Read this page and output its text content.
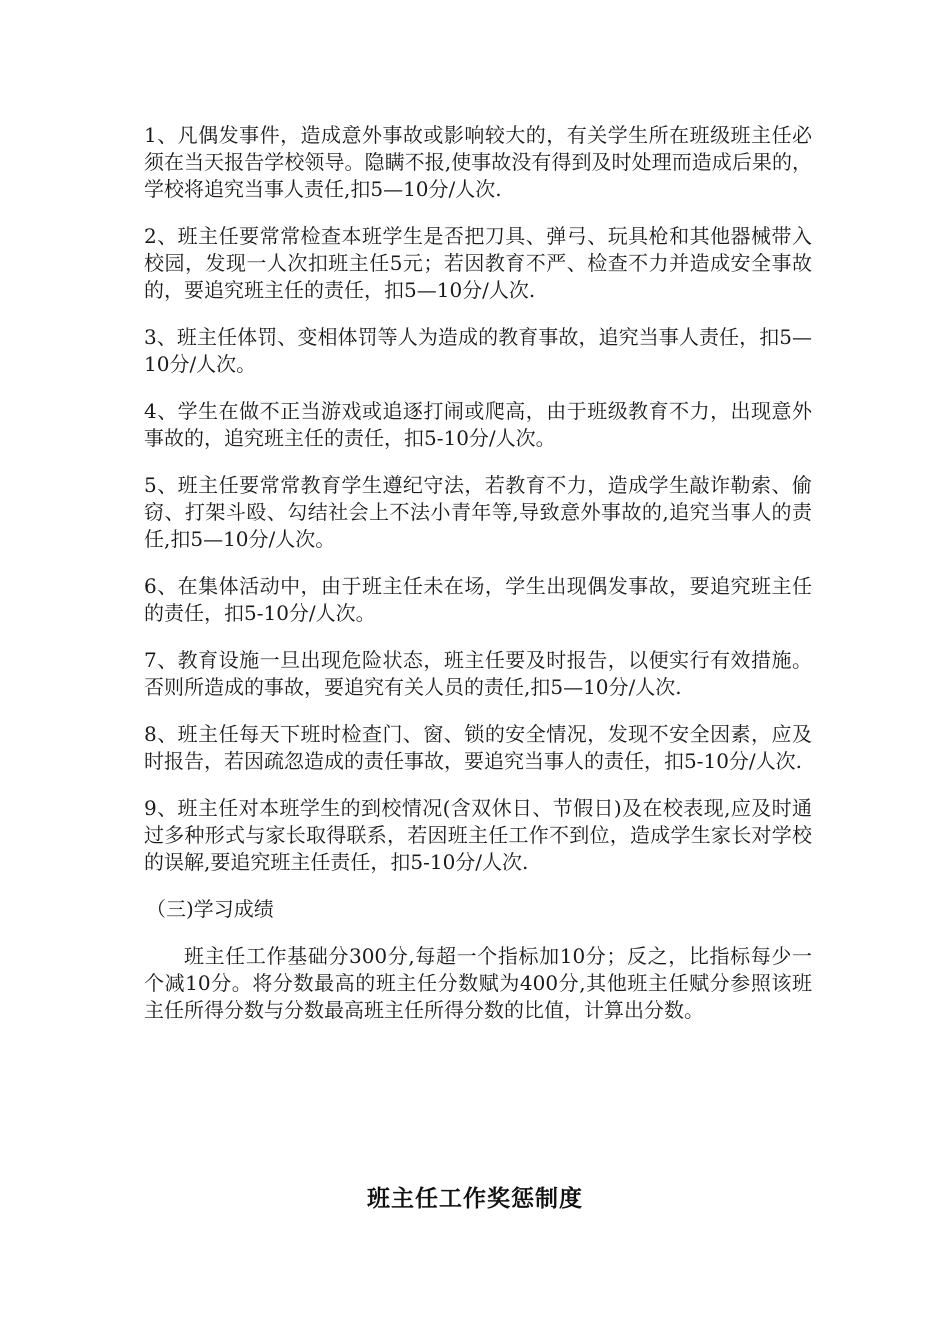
1、凡偶发事件，造成意外事故或影响较大的，有关学生所在班级班主任必须在当天报告学校领导。隐瞒不报,使事故没有得到及时处理而造成后果的，学校将追究当事人责任,扣5—10分/人次.

2、班主任要常常检查本班学生是否把刀具、弹弓、玩具枪和其他器械带入校园，发现一人次扣班主任5元；若因教育不严、检查不力并造成安全事故的，要追究班主任的责任，扣5—10分/人次.

3、班主任体罚、变相体罚等人为造成的教育事故，追究当事人责任，扣5—10分/人次。

4、学生在做不正当游戏或追逐打闹或爬高，由于班级教育不力，出现意外事故的，追究班主任的责任，扣5-10分/人次。

5、班主任要常常教育学生遵纪守法，若教育不力，造成学生敲诈勒索、偷窃、打架斗殴、勾结社会上不法小青年等,导致意外事故的,追究当事人的责任,扣5—10分/人次。

6、在集体活动中，由于班主任未在场，学生出现偶发事故，要追究班主任的责任，扣5-10分/人次。

7、教育设施一旦出现危险状态，班主任要及时报告，以便实行有效措施。否则所造成的事故，要追究有关人员的责任,扣5—10分/人次.

8、班主任每天下班时检查门、窗、锁的安全情况，发现不安全因素，应及时报告，若因疏忽造成的责任事故，要追究当事人的责任，扣5-10分/人次.

9、班主任对本班学生的到校情况(含双休日、节假日)及在校表现,应及时通过多种形式与家长取得联系，若因班主任工作不到位，造成学生家长对学校的误解,要追究班主任责任，扣5-10分/人次.

（三)学习成绩

班主任工作基础分300分,每超一个指标加10分；反之，比指标每少一个减10分。将分数最高的班主任分数赋为400分,其他班主任赋分参照该班主任所得分数与分数最高班主任所得分数的比值，计算出分数。

班主任工作奖惩制度
